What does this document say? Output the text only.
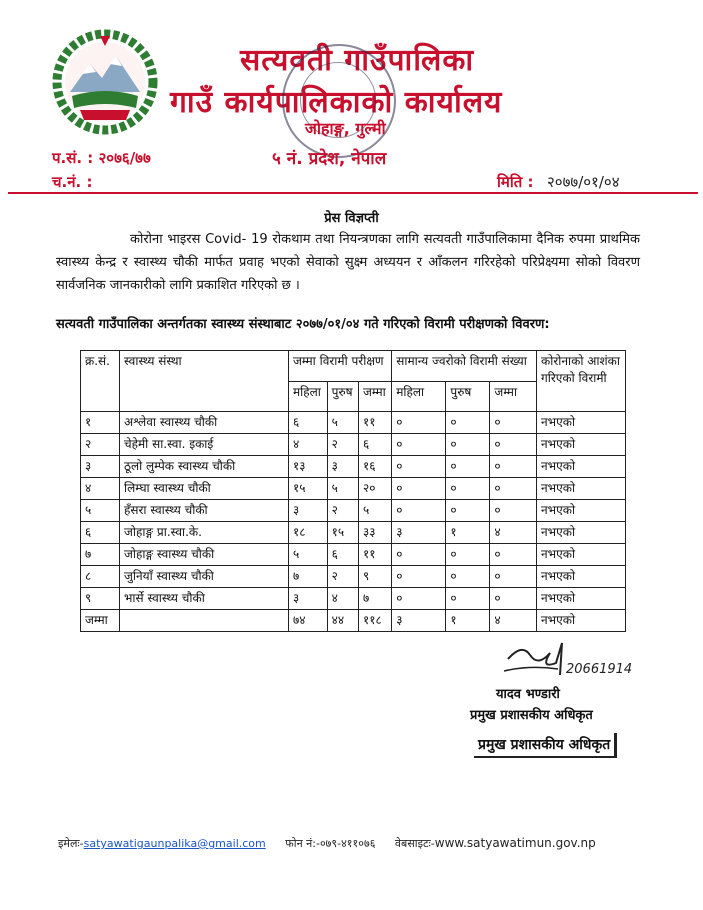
सत्यवती गाउँपालिका
गाउँ कार्यपालिकाको कार्यालय
जोहाङ्ग, गुल्मी
प.सं. : २०७६/७७	५ नं. प्रदेश, नेपाल
च.नं. :	मिति : २०७७/०१/०४
प्रेस विज्ञप्ती
कोरोना भाइरस Covid- 19 रोकथाम तथा नियन्त्रणका लागि सत्यवती गाउँपालिकामा दैनिक रुपमा प्राथमिक स्वास्थ्य केन्द्र र स्वास्थ्य चौकी मार्फत प्रवाह भएको सेवाको सुक्ष्म अध्ययन र आँकलन गरिरहेको परिप्रेक्ष्यमा सोको विवरण सार्वजनिक जानकारीको लागि प्रकाशित गरिएको छ ।
सत्यवती गाउँपालिका अन्तर्गतका स्वास्थ्य संस्थाबाट २०७७/०१/०४ गते गरिएको विरामी परीक्षणको विवरण:
क्र.सं.	स्वास्थ्य संस्था	जम्मा विरामी परीक्षण			सामान्य ज्वरोको विरामी संख्या			कोरोनाको आशंका गरिएको विरामी
		महिला	पुरुष	जम्मा	महिला	पुरुष	जम्मा	
१	अश्लेवा स्वास्थ्य चौकी	६	५	११	०	०	०	नभएको
२	चेहेमी सा.स्वा. इकाई	४	२	६	०	०	०	नभएको
३	ठूलो लुम्पेक स्वास्थ्य चौकी	१३	३	१६	०	०	०	नभएको
४	लिम्घा स्वास्थ्य चौकी	१५	५	२०	०	०	०	नभएको
५	हँसरा स्वास्थ्य चौकी	३	२	५	०	०	०	नभएको
६	जोहाङ्ग प्रा.स्वा.के.	१८	१५	३३	३	१	४	नभएको
७	जोहाङ्ग स्वास्थ्य चौकी	५	६	११	०	०	०	नभएको
८	जुनियाँ स्वास्थ्य चौकी	७	२	९	०	०	०	नभएको
९	भार्से स्वास्थ्य चौकी	३	४	७	०	०	०	नभएको
जम्मा		७४	४४	११८	३	१	४	नभएको
20661914
यादव भण्डारी
प्रमुख प्रशासकीय अधिकृत
प्रमुख प्रशासकीय अधिकृत
इमेलः-satyawatigaunpalika@gmail.com फोन नं:-०७९-४११०७६ वेबसाइटः-www.satyawatimun.gov.np
